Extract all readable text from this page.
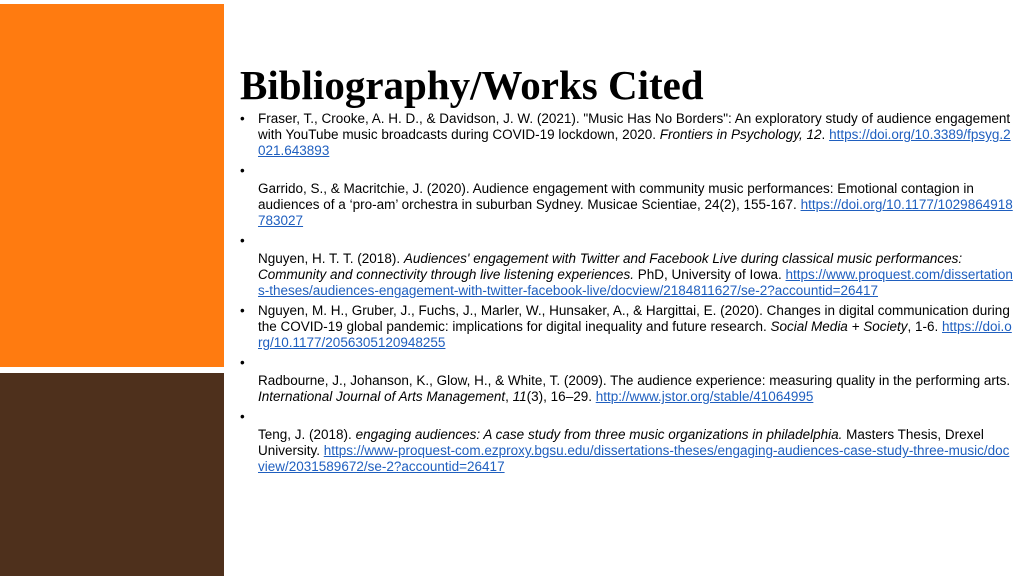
Bibliography/Works Cited
• Fraser, T., Crooke, A. H. D., & Davidson, J. W. (2021). "Music Has No Borders": An exploratory study of audience engagement with YouTube music broadcasts during COVID-19 lockdown, 2020. Frontiers in Psychology, 12. https://doi.org/10.3389/fpsyg.2021.643893
•
Garrido, S., & Macritchie, J. (2020). Audience engagement with community music performances: Emotional contagion in audiences of a ‘pro-am’ orchestra in suburban Sydney. Musicae Scientiae, 24(2), 155-167. https://doi.org/10.1177/1029864918783027
•
Nguyen, H. T. T. (2018). Audiences' engagement with Twitter and Facebook Live during classical music performances: Community and connectivity through live listening experiences. PhD, University of Iowa. https://www.proquest.com/dissertations-theses/audiences-engagement-with-twitter-facebook-live/docview/2184811627/se-2?accountid=26417
• Nguyen, M. H., Gruber, J., Fuchs, J., Marler, W., Hunsaker, A., & Hargittai, E. (2020). Changes in digital communication during the COVID-19 global pandemic: implications for digital inequality and future research. Social Media + Society, 1-6. https://doi.org/10.1177/2056305120948255
•
Radbourne, J., Johanson, K., Glow, H., & White, T. (2009). The audience experience: measuring quality in the performing arts. International Journal of Arts Management, 11(3), 16–29. http://www.jstor.org/stable/41064995
•
Teng, J. (2018). engaging audiences: A case study from three music organizations in philadelphia. Masters Thesis, Drexel University. https://www-proquest-com.ezproxy.bgsu.edu/dissertations-theses/engaging-audiences-case-study-three-music/docview/2031589672/se-2?accountid=26417
